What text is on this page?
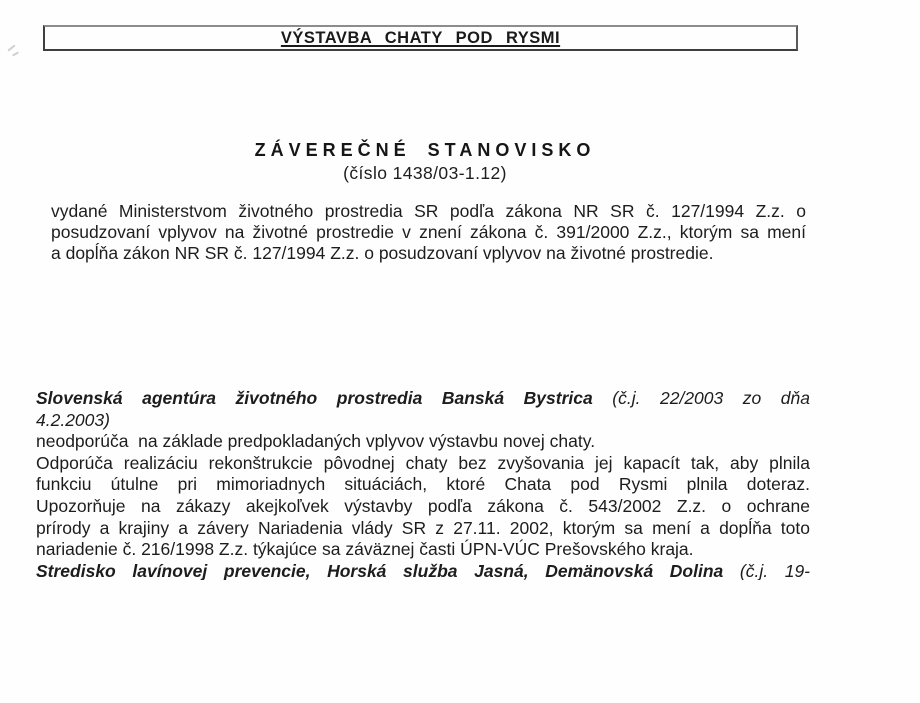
VÝSTAVBA CHATY POD RYSMI
ZÁVEREČNÉ STANOVISKO
(číslo 1438/03-1.12)
vydané Ministerstvom životného prostredia SR podľa zákona NR SR č. 127/1994 Z.z. o
posudzovaní vplyvov na životné prostredie v znení zákona č. 391/2000 Z.z., ktorým sa mení
a dopĺňa zákon NR SR č. 127/1994 Z.z. o posudzovaní vplyvov na životné prostredie.
Slovenská agentúra životného prostredia Banská Bystrica (č.j. 22/2003 zo dňa
4.2.2003)
neodporúča  na základe predpokladaných vplyvov výstavbu novej chaty.
Odporúča realizáciu rekonštrukcie pôvodnej chaty bez zvyšovania jej kapacít tak, aby plnila
funkciu útulne pri mimoriadnych situáciách, ktoré Chata pod Rysmi plnila doteraz.
Upozorňuje na zákazy akejkoľvek výstavby podľa zákona č. 543/2002 Z.z. o ochrane
prírody a krajiny a závery Nariadenia vlády SR z 27.11. 2002, ktorým sa mení a dopĺňa toto
nariadenie č. 216/1998 Z.z. týkajúce sa záväznej časti ÚPN-VÚC Prešovského kraja.
Stredisko lavínovej prevencie, Horská služba Jasná, Demänovská Dolina (č.j. 19-
